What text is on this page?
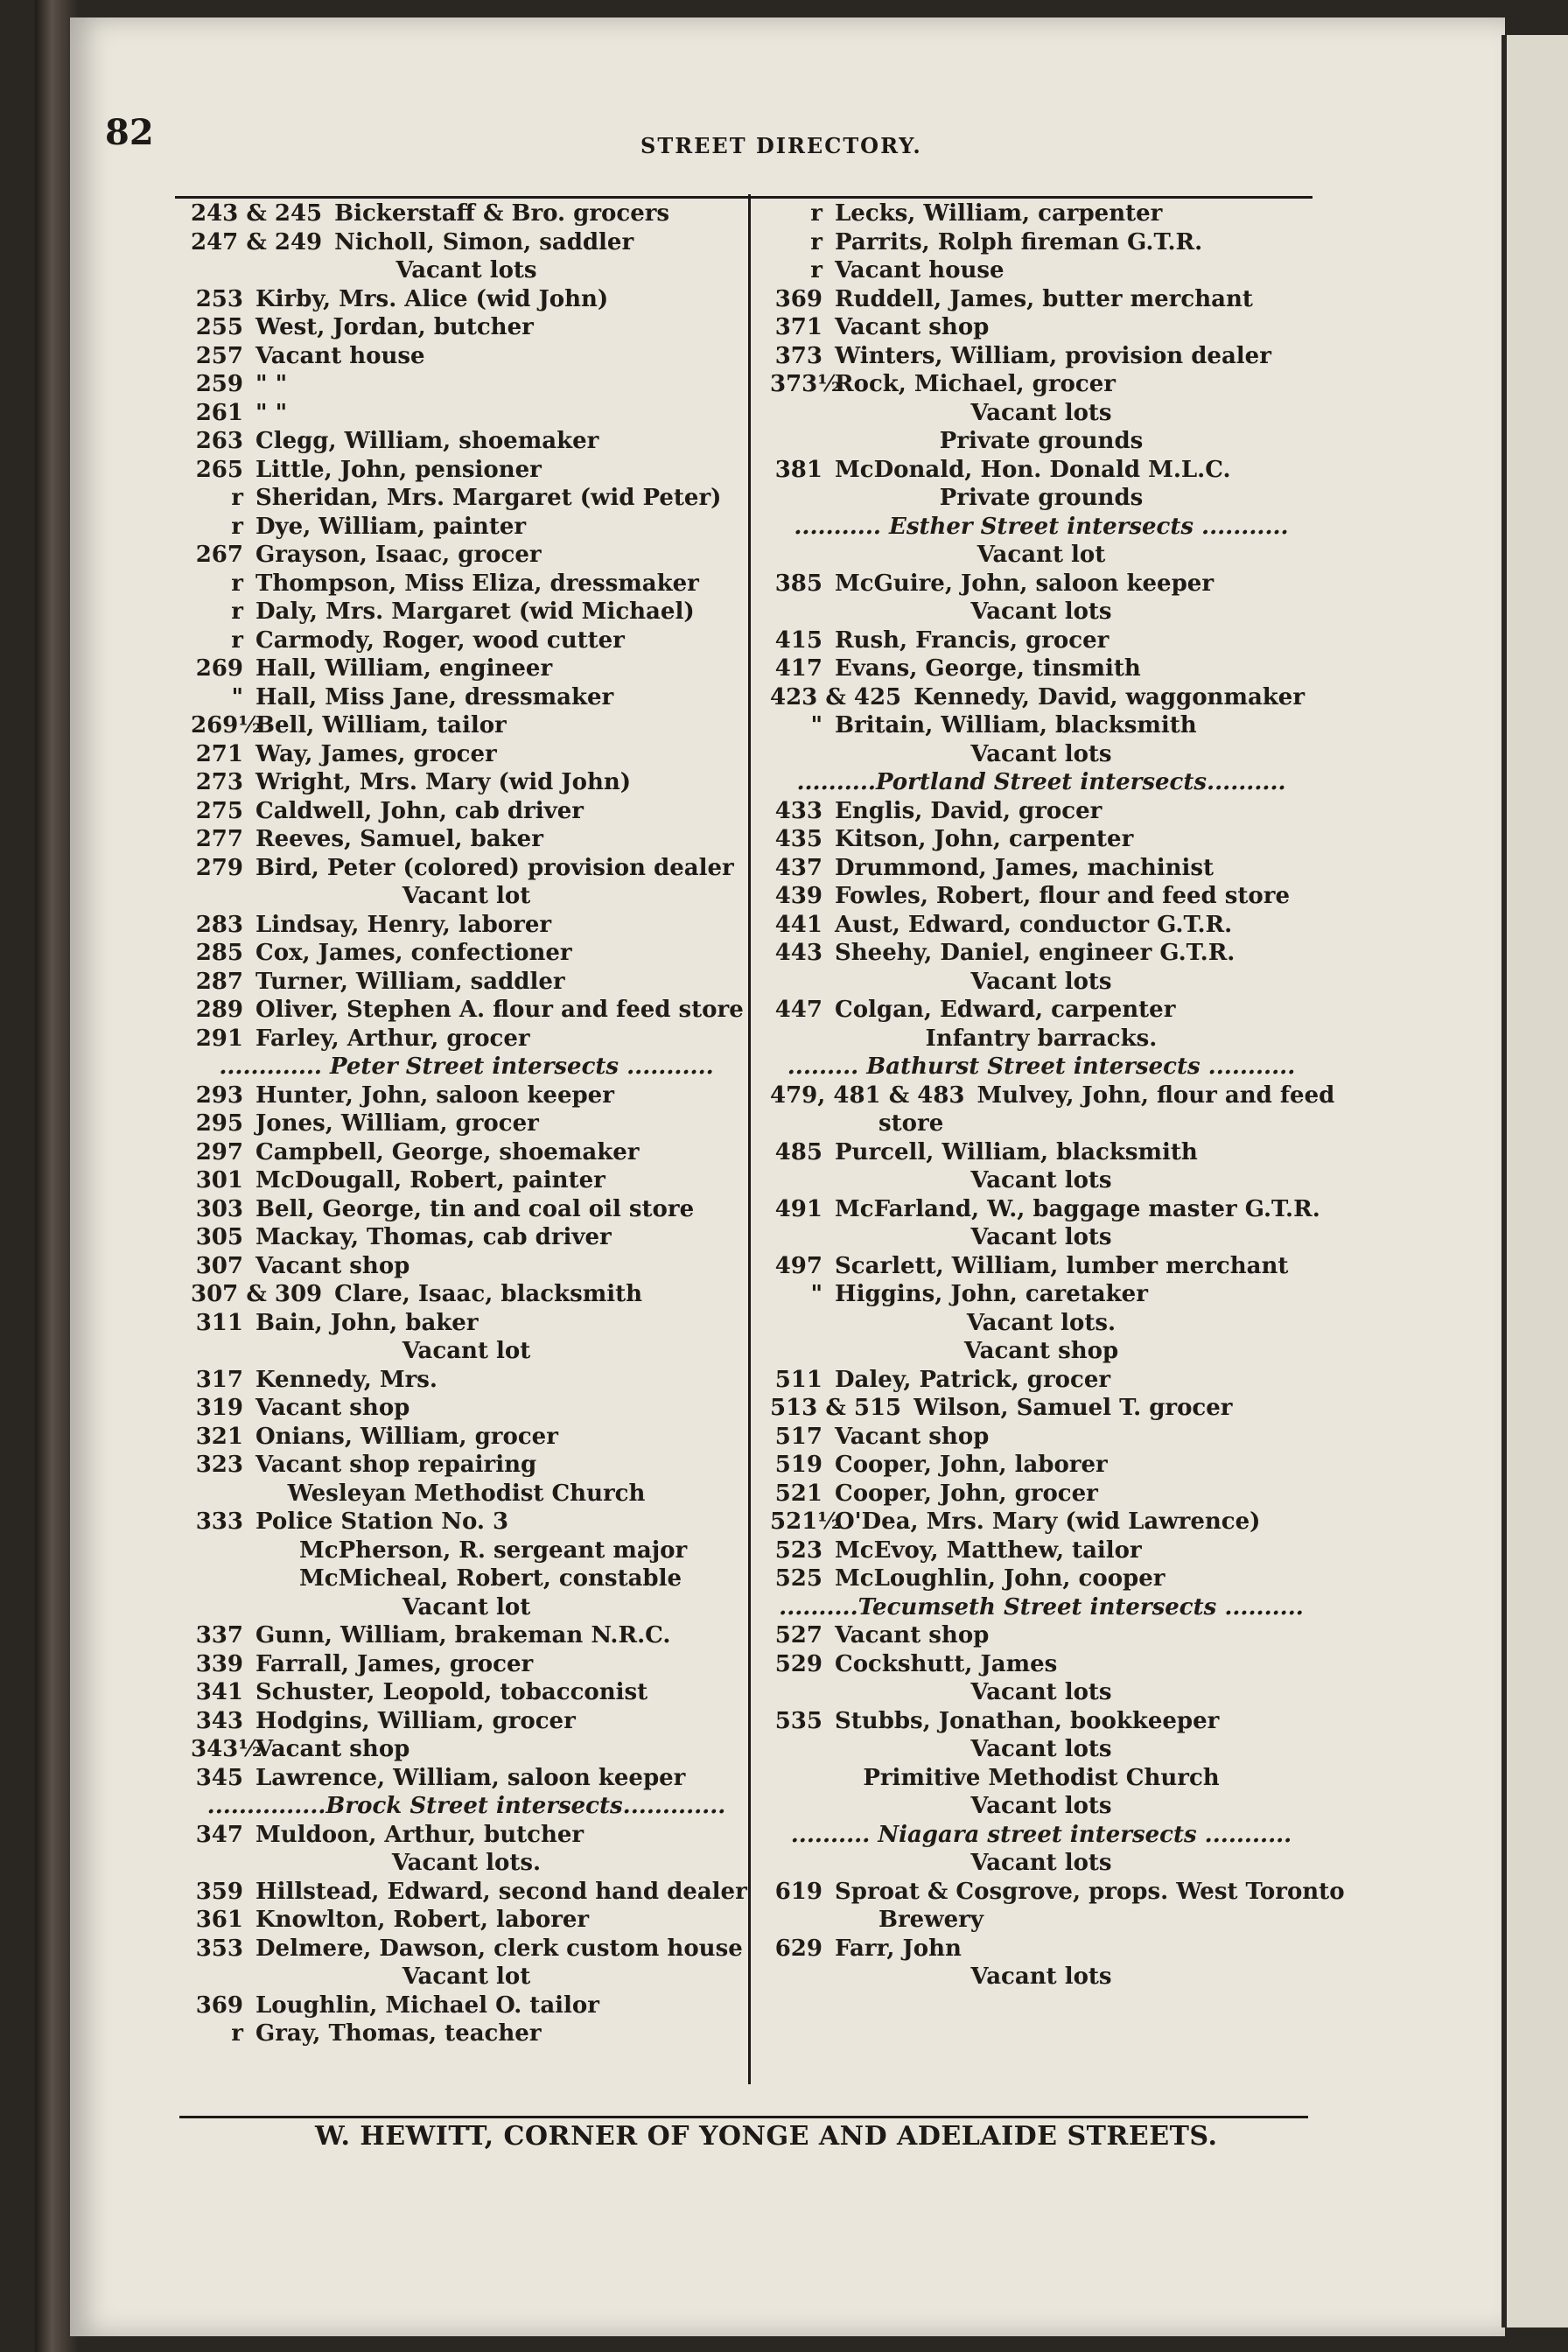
82	STREET DIRECTORY.
243 & 245 Bickerstaff & Bro. grocers
247 & 249 Nicholl, Simon, saddler
Vacant lots
253 Kirby, Mrs. Alice (wid John)
255 West, Jordan, butcher
257 Vacant house
259 " "
261 " "
263 Clegg, William, shoemaker
265 Little, John, pensioner
r Sheridan, Mrs. Margaret (wid Peter)
r Dye, William, painter
267 Grayson, Isaac, grocer
r Thompson, Miss Eliza, dressmaker
r Daly, Mrs. Margaret (wid Michael)
r Carmody, Roger, wood cutter
269 Hall, William, engineer
" Hall, Miss Jane, dressmaker
269½Bell, William, tailor
271 Way, James, grocer
273 Wright, Mrs. Mary (wid John)
275 Caldwell, John, cab driver
277 Reeves, Samuel, baker
279 Bird, Peter (colored) provision dealer
Vacant lot
283 Lindsay, Henry, laborer
285 Cox, James, confectioner
287 Turner, William, saddler
289 Oliver, Stephen A. flour and feed store
291 Farley, Arthur, grocer
............. Peter Street intersects ...........
293 Hunter, John, saloon keeper
295 Jones, William, grocer
297 Campbell, George, shoemaker
301 McDougall, Robert, painter
303 Bell, George, tin and coal oil store
305 Mackay, Thomas, cab driver
307 Vacant shop
307 & 309 Clare, Isaac, blacksmith
311 Bain, John, baker
Vacant lot
317 Kennedy, Mrs.
319 Vacant shop
321 Onians, William, grocer
323 Vacant shop repairing
Wesleyan Methodist Church
333 Police Station No. 3
McPherson, R. sergeant major
McMicheal, Robert, constable
Vacant lot
337 Gunn, William, brakeman N.R.C.
339 Farrall, James, grocer
341 Schuster, Leopold, tobacconist
343 Hodgins, William, grocer
343½Vacant shop
345 Lawrence, William, saloon keeper
...............Brock Street intersects.............
347 Muldoon, Arthur, butcher
Vacant lots.
359 Hillstead, Edward, second hand dealer
361 Knowlton, Robert, laborer
353 Delmere, Dawson, clerk custom house
Vacant lot
369 Loughlin, Michael O. tailor
r Gray, Thomas, teacher
r Lecks, William, carpenter
r Parrits, Rolph fireman G.T.R.
r Vacant house
369 Ruddell, James, butter merchant
371 Vacant shop
373 Winters, William, provision dealer
373½Rock, Michael, grocer
Vacant lots
Private grounds
381 McDonald, Hon. Donald M.L.C.
Private grounds
........... Esther Street intersects ...........
Vacant lot
385 McGuire, John, saloon keeper
Vacant lots
415 Rush, Francis, grocer
417 Evans, George, tinsmith
423 & 425 Kennedy, David, waggonmaker
" Britain, William, blacksmith
Vacant lots
..........Portland Street intersects..........
433 Englis, David, grocer
435 Kitson, John, carpenter
437 Drummond, James, machinist
439 Fowles, Robert, flour and feed store
441 Aust, Edward, conductor G.T.R.
443 Sheehy, Daniel, engineer G.T.R.
Vacant lots
447 Colgan, Edward, carpenter
Infantry barracks.
......... Bathurst Street intersects ...........
479, 481 & 483 Mulvey, John, flour and feed
store
485 Purcell, William, blacksmith
Vacant lots
491 McFarland, W., baggage master G.T.R.
Vacant lots
497 Scarlett, William, lumber merchant
" Higgins, John, caretaker
Vacant lots.
Vacant shop
511 Daley, Patrick, grocer
513 & 515 Wilson, Samuel T. grocer
517 Vacant shop
519 Cooper, John, laborer
521 Cooper, John, grocer
521½O'Dea, Mrs. Mary (wid Lawrence)
523 McEvoy, Matthew, tailor
525 McLoughlin, John, cooper
..........Tecumseth Street intersects ..........
527 Vacant shop
529 Cockshutt, James
Vacant lots
535 Stubbs, Jonathan, bookkeeper
Vacant lots
Primitive Methodist Church
Vacant lots
.......... Niagara street intersects ...........
Vacant lots
619 Sproat & Cosgrove, props. West Toronto
Brewery
629 Farr, John
Vacant lots
W. HEWITT, CORNER OF YONGE AND ADELAIDE STREETS.
